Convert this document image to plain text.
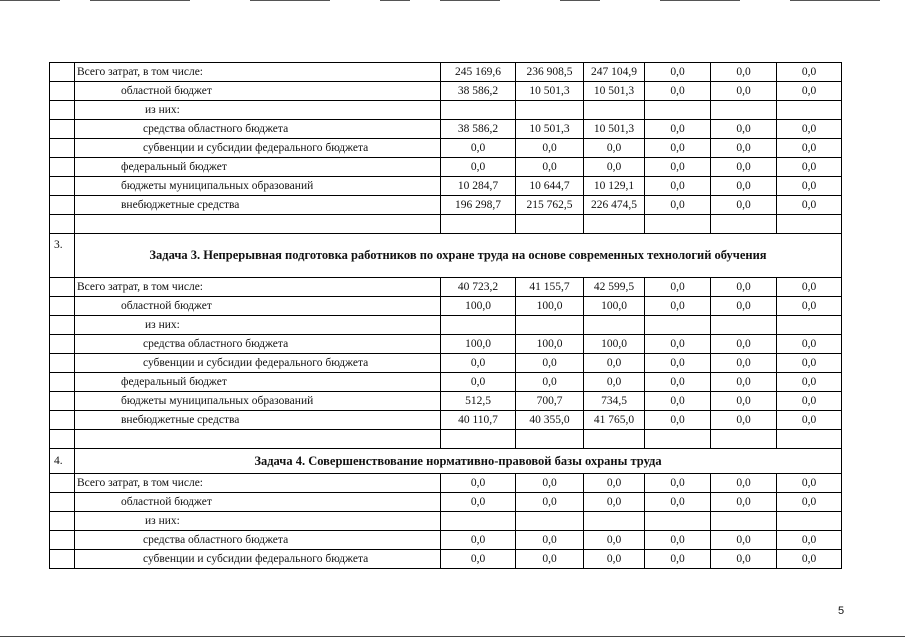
	Всего затрат, в том числе:	245 169,6	236 908,5	247 104,9	0,0	0,0	0,0
	областной бюджет	38 586,2	10 501,3	10 501,3	0,0	0,0	0,0
	из них:						
	средства областного бюджета	38 586,2	10 501,3	10 501,3	0,0	0,0	0,0
	субвенции и субсидии федерального бюджета	0,0	0,0	0,0	0,0	0,0	0,0
	федеральный бюджет	0,0	0,0	0,0	0,0	0,0	0,0
	бюджеты муниципальных образований	10 284,7	10 644,7	10 129,1	0,0	0,0	0,0
	внебюджетные средства	196 298,7	215 762,5	226 474,5	0,0	0,0	0,0

3.	Задача 3. Непрерывная подготовка работников по охране труда на основе современных технологий обучения						
	Всего затрат, в том числе:	40 723,2	41 155,7	42 599,5	0,0	0,0	0,0
	областной бюджет	100,0	100,0	100,0	0,0	0,0	0,0
	из них:						
	средства областного бюджета	100,0	100,0	100,0	0,0	0,0	0,0
	субвенции и субсидии федерального бюджета	0,0	0,0	0,0	0,0	0,0	0,0
	федеральный бюджет	0,0	0,0	0,0	0,0	0,0	0,0
	бюджеты муниципальных образований	512,5	700,7	734,5	0,0	0,0	0,0
	внебюджетные средства	40 110,7	40 355,0	41 765,0	0,0	0,0	0,0

4.	Задача 4. Совершенствование нормативно-правовой базы охраны труда						
	Всего затрат, в том числе:	0,0	0,0	0,0	0,0	0,0	0,0
	областной бюджет	0,0	0,0	0,0	0,0	0,0	0,0
	из них:						
	средства областного бюджета	0,0	0,0	0,0	0,0	0,0	0,0
	субвенции и субсидии федерального бюджета	0,0	0,0	0,0	0,0	0,0	0,0
5
